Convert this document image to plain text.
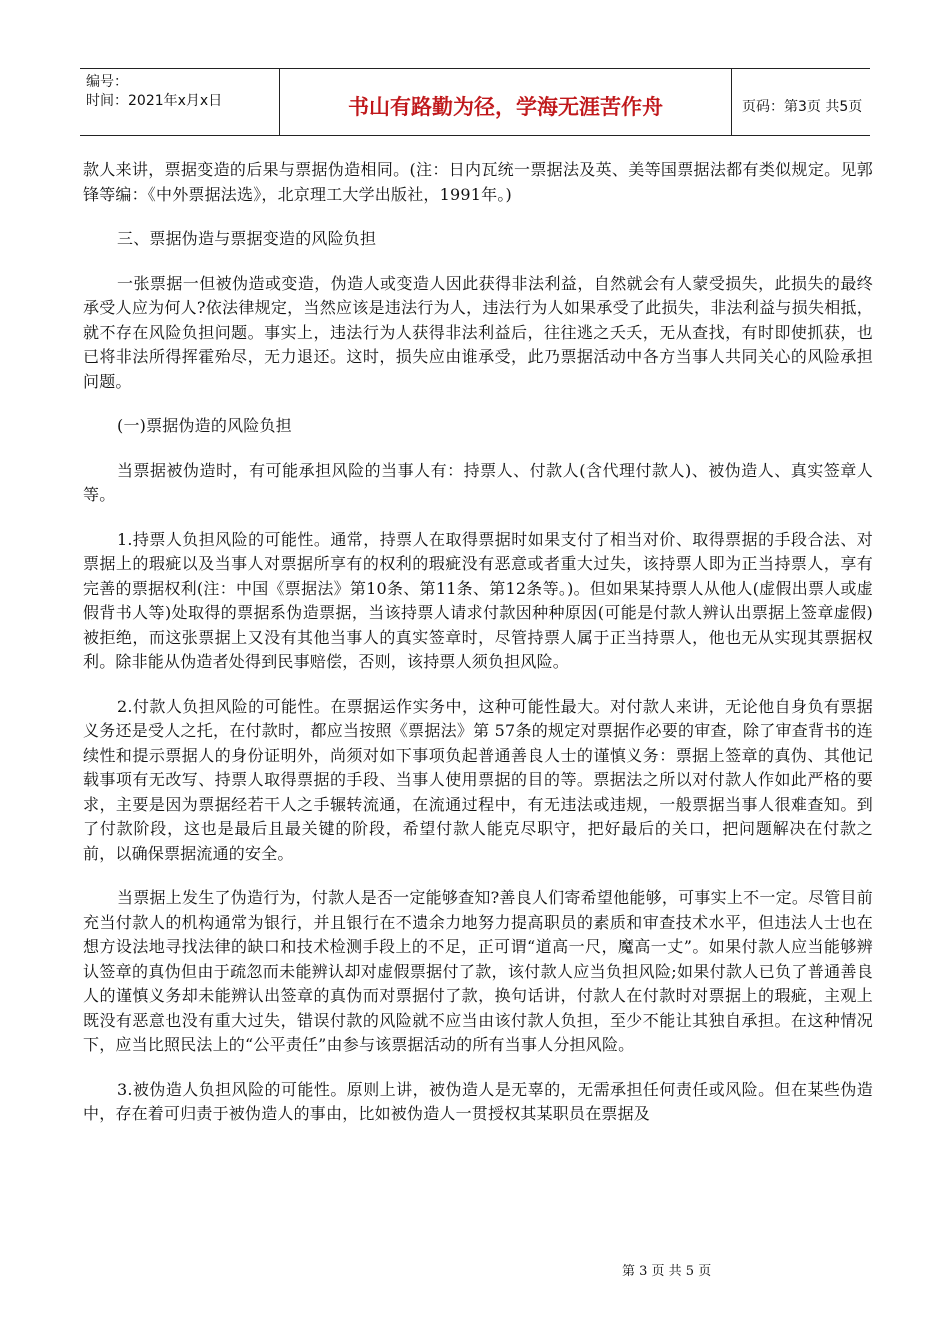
编号：
时间：2021年x月x日	书山有路勤为径，学海无涯苦作舟	页码：第3页 共5页

款人来讲，票据变造的后果与票据伪造相同。(注：日内瓦统一票据法及英、美等国票据法都有类似规定。见郭锋等编：《中外票据法选》，北京理工大学出版社，1991年。)

三、票据伪造与票据变造的风险负担

一张票据一但被伪造或变造，伪造人或变造人因此获得非法利益，自然就会有人蒙受损失，此损失的最终承受人应为何人?依法律规定，当然应该是违法行为人，违法行为人如果承受了此损失，非法利益与损失相抵，就不存在风险负担问题。事实上，违法行为人获得非法利益后，往往逃之夭夭，无从查找，有时即使抓获，也已将非法所得挥霍殆尽，无力退还。这时，损失应由谁承受，此乃票据活动中各方当事人共同关心的风险承担问题。

(一)票据伪造的风险负担

当票据被伪造时，有可能承担风险的当事人有：持票人、付款人(含代理付款人)、被伪造人、真实签章人等。

1.持票人负担风险的可能性。通常，持票人在取得票据时如果支付了相当对价、取得票据的手段合法、对票据上的瑕疵以及当事人对票据所享有的权利的瑕疵没有恶意或者重大过失，该持票人即为正当持票人，享有完善的票据权利(注：中国《票据法》第10条、第11条、第12条等。)。但如果某持票人从他人(虚假出票人或虚假背书人等)处取得的票据系伪造票据，当该持票人请求付款因种种原因(可能是付款人辨认出票据上签章虚假)被拒绝，而这张票据上又没有其他当事人的真实签章时，尽管持票人属于正当持票人，他也无从实现其票据权利。除非能从伪造者处得到民事赔偿，否则，该持票人须负担风险。

2.付款人负担风险的可能性。在票据运作实务中，这种可能性最大。对付款人来讲，无论他自身负有票据义务还是受人之托，在付款时，都应当按照《票据法》第 57条的规定对票据作必要的审查，除了审查背书的连续性和提示票据人的身份证明外，尚须对如下事项负起普通善良人士的谨慎义务：票据上签章的真伪、其他记载事项有无改写、持票人取得票据的手段、当事人使用票据的目的等。票据法之所以对付款人作如此严格的要求，主要是因为票据经若干人之手辗转流通，在流通过程中，有无违法或违规，一般票据当事人很难查知。到了付款阶段，这也是最后且最关键的阶段，希望付款人能克尽职守，把好最后的关口，把问题解决在付款之前，以确保票据流通的安全。

当票据上发生了伪造行为，付款人是否一定能够查知?善良人们寄希望他能够，可事实上不一定。尽管目前充当付款人的机构通常为银行，并且银行在不遗余力地努力提高职员的素质和审查技术水平，但违法人士也在想方设法地寻找法律的缺口和技术检测手段上的不足，正可谓“道高一尺，魔高一丈”。如果付款人应当能够辨认签章的真伪但由于疏忽而未能辨认却对虚假票据付了款，该付款人应当负担风险;如果付款人已负了普通善良人的谨慎义务却未能辨认出签章的真伪而对票据付了款，换句话讲，付款人在付款时对票据上的瑕疵，主观上既没有恶意也没有重大过失，错误付款的风险就不应当由该付款人负担，至少不能让其独自承担。在这种情况下，应当比照民法上的“公平责任”由参与该票据活动的所有当事人分担风险。

3.被伪造人负担风险的可能性。原则上讲，被伪造人是无辜的，无需承担任何责任或风险。但在某些伪造中，存在着可归责于被伪造人的事由，比如被伪造人一贯授权其某职员在票据及

第 3 页 共 5 页
